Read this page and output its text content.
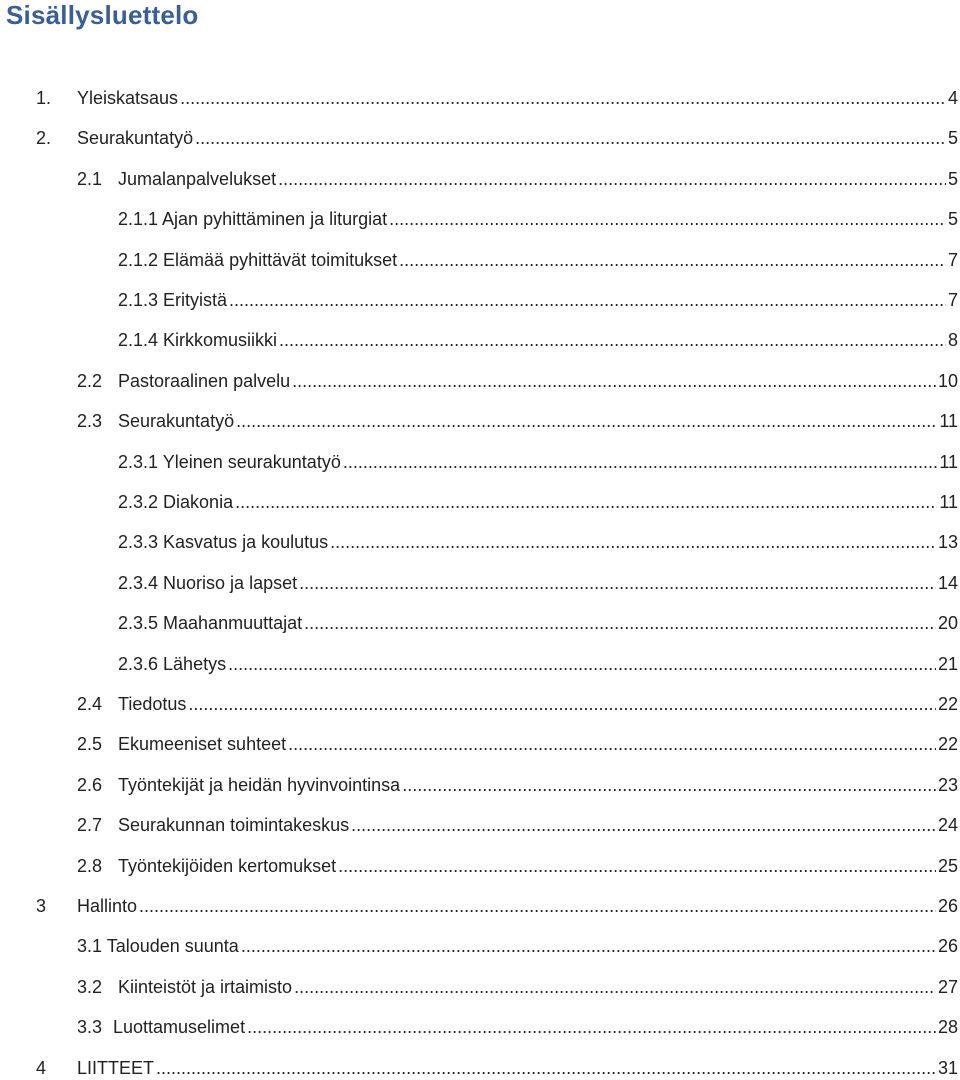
Sisällysluettelo
1. Yleiskatsaus .....	4
2. Seurakuntatyö .....	5
2.1 Jumalanpalvelukset .....	5
2.1.1 Ajan pyhittäminen ja liturgiat .....	5
2.1.2 Elämää pyhittävät toimitukset .....	7
2.1.3 Erityistä .....	7
2.1.4 Kirkkomusiikki .....	8
2.2 Pastoraalinen palvelu .....	10
2.3 Seurakuntatyö .....	11
2.3.1 Yleinen seurakuntatyö .....	11
2.3.2 Diakonia .....	11
2.3.3 Kasvatus ja koulutus .....	13
2.3.4 Nuoriso ja lapset .....	14
2.3.5 Maahanmuuttajat .....	20
2.3.6 Lähetys .....	21
2.4 Tiedotus .....	22
2.5 Ekumeeniset suhteet .....	22
2.6 Työntekijät ja heidän hyvinvointinsa .....	23
2.7 Seurakunnan toimintakeskus .....	24
2.8 Työntekijöiden kertomukset .....	25
3 Hallinto .....	26
3.1 Talouden suunta .....	26
3.2 Kiinteistöt ja irtaimisto .....	27
3.3 Luottamuselimet .....	28
4 LIITTEET .....	31
